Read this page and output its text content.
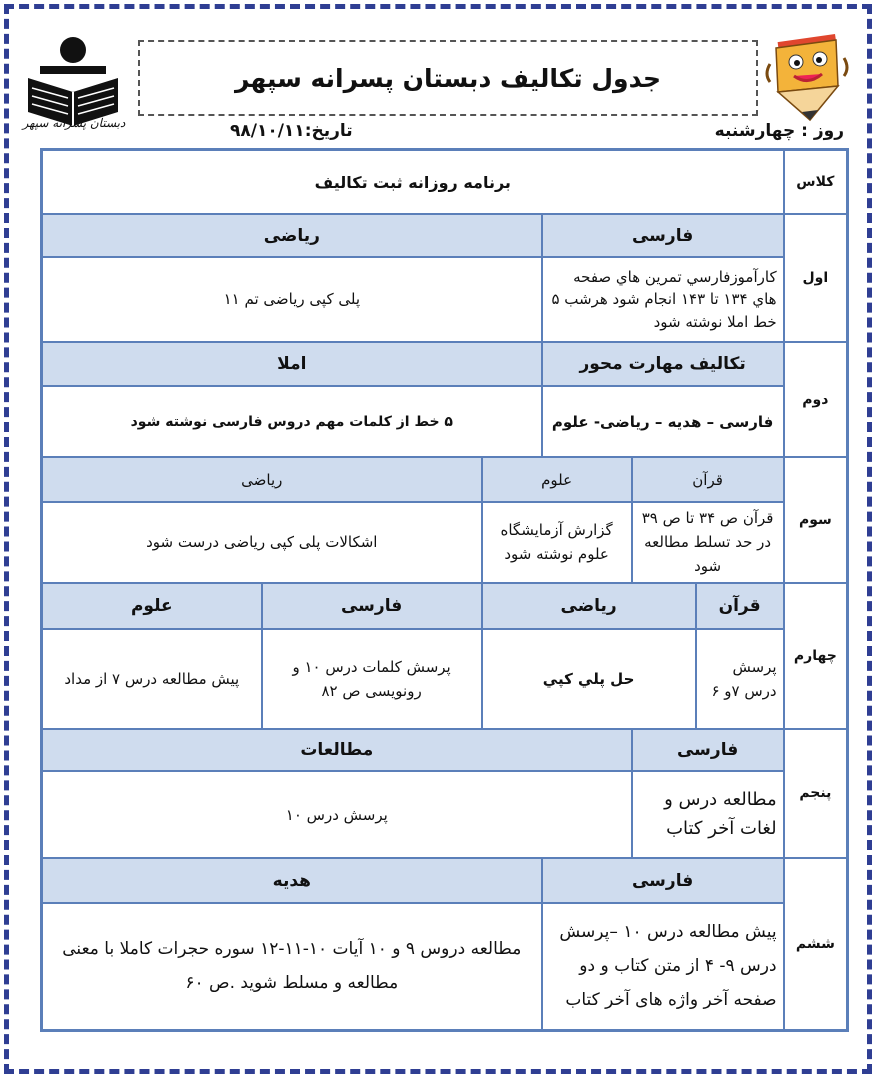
دبستان پسرانه سپهر
جدول تکالیف دبستان پسرانه سپهر
روز : چهارشنبه
تاریخ:۹۸/۱۰/۱۱
کلاس	برنامه روزانه ثبت تکالیف					
اول	فارسی			ریاضی		
	کارآموزفارسي تمرين هاي صفحه هاي ۱۳۴ تا ۱۴۳ انجام شود هرشب ۵ خط املا نوشته شود			پلی کپی ریاضی تم ۱۱		
دوم	تکالیف مهارت محور			املا		
	فارسی – هدیه – ریاضی- علوم			۵ خط از کلمات مهم دروس فارسی نوشته شود		
سوم	قرآن		علوم		ریاضی	
	قرآن ص ۳۴ تا ص ۳۹ در حد تسلط مطالعه شود		گزارش آزمایشگاه علوم نوشته شود		اشکالات پلی کپی ریاضی درست شود	
چهارم	قرآن	ریاضی			فارسی	علوم
	پرسش درس ۷و ۶	حل پلي كپي			پرسش کلمات درس ۱۰ و رونویسی ص ۸۲	پیش مطالعه درس ۷ از مداد
پنجم	فارسی		مطالعات			
	مطالعه درس و لغات آخر کتاب		پرسش درس ۱۰			
ششم	فارسی			هدیه		
	پیش مطالعه درس ۱۰ –پرسش درس ۹- ۴ از متن کتاب و دو صفحه آخر واژه های آخر کتاب			مطالعه دروس ۹ و ۱۰ آیات ۱۰-۱۱-۱۲ سوره حجرات کاملا با معنی مطالعه و مسلط شوید .ص ۶۰		
